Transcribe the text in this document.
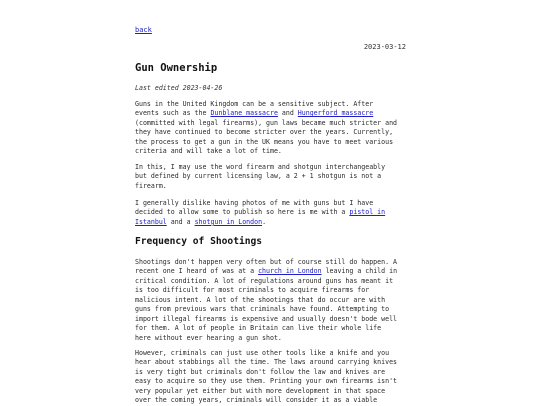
back
2023-03-12
Gun Ownership
Last edited 2023-04-26

Guns in the United Kingdom can be a sensitive subject. After
events such as the Dunblane massacre and Hungerford massacre
(committed with legal firearms), gun laws became much stricter and
they have continued to become stricter over the years. Currently,
the process to get a gun in the UK means you have to meet various
criteria and will take a lot of time.

In this, I may use the word firearm and shotgun interchangeably
but defined by current licensing law, a 2 + 1 shotgun is not a
firearm.

I generally dislike having photos of me with guns but I have
decided to allow some to publish so here is me with a pistol in
Istanbul and a shotgun in London.

Frequency of Shootings

Shootings don't happen very often but of course still do happen. A
recent one I heard of was at a church in London leaving a child in
critical condition. A lot of regulations around guns has meant it
is too difficult for most criminals to acquire firearms for
malicious intent. A lot of the shootings that do occur are with
guns from previous wars that criminals have found. Attempting to
import illegal firearms is expensive and usually doesn't bode well
for them. A lot of people in Britain can live their whole life
here without ever hearing a gun shot.

However, criminals can just use other tools like a knife and you
hear about stabbings all the time. The laws around carrying knives
is very tight but criminals don't follow the law and knives are
easy to acquire so they use them. Printing your own firearms isn't
very popular yet either but with more development in that space
over the coming years, criminals will consider it as a viable
